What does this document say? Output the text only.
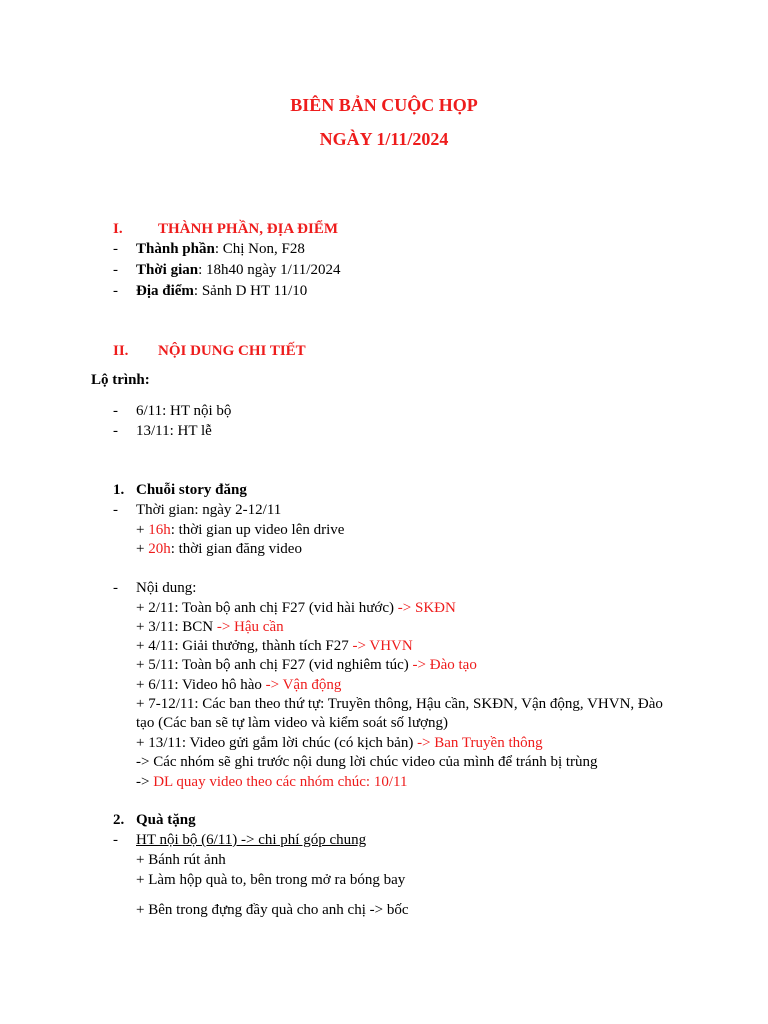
BIÊN BẢN CUỘC HỌP
NGÀY 1/11/2024
I. THÀNH PHẦN, ĐỊA ĐIỂM
- Thành phần: Chị Non, F28
- Thời gian: 18h40 ngày 1/11/2024
- Địa điểm: Sảnh D HT 11/10
II. NỘI DUNG CHI TIẾT
Lộ trình:
- 6/11: HT nội bộ
- 13/11: HT lễ
1. Chuỗi story đăng
- Thời gian: ngày 2-12/11
+ 16h: thời gian up video lên drive
+ 20h: thời gian đăng video
- Nội dung:
+ 2/11: Toàn bộ anh chị F27 (vid hài hước) -> SKĐN
+ 3/11: BCN -> Hậu cần
+ 4/11: Giải thưởng, thành tích F27 -> VHVN
+ 5/11: Toàn bộ anh chị F27 (vid nghiêm túc) -> Đào tạo
+ 6/11: Video hô hào -> Vận động
+ 7-12/11: Các ban theo thứ tự: Truyền thông, Hậu cần, SKĐN, Vận động, VHVN, Đào
tạo (Các ban sẽ tự làm video và kiểm soát số lượng)
+ 13/11: Video gửi gắm lời chúc (có kịch bản) -> Ban Truyền thông
-> Các nhóm sẽ ghi trước nội dung lời chúc video của mình để tránh bị trùng
-> DL quay video theo các nhóm chúc: 10/11
2. Quà tặng
- HT nội bộ (6/11) -> chi phí góp chung
+ Bánh rút ảnh
+ Làm hộp quà to, bên trong mở ra bóng bay
+ Bên trong đựng đầy quà cho anh chị -> bốc
